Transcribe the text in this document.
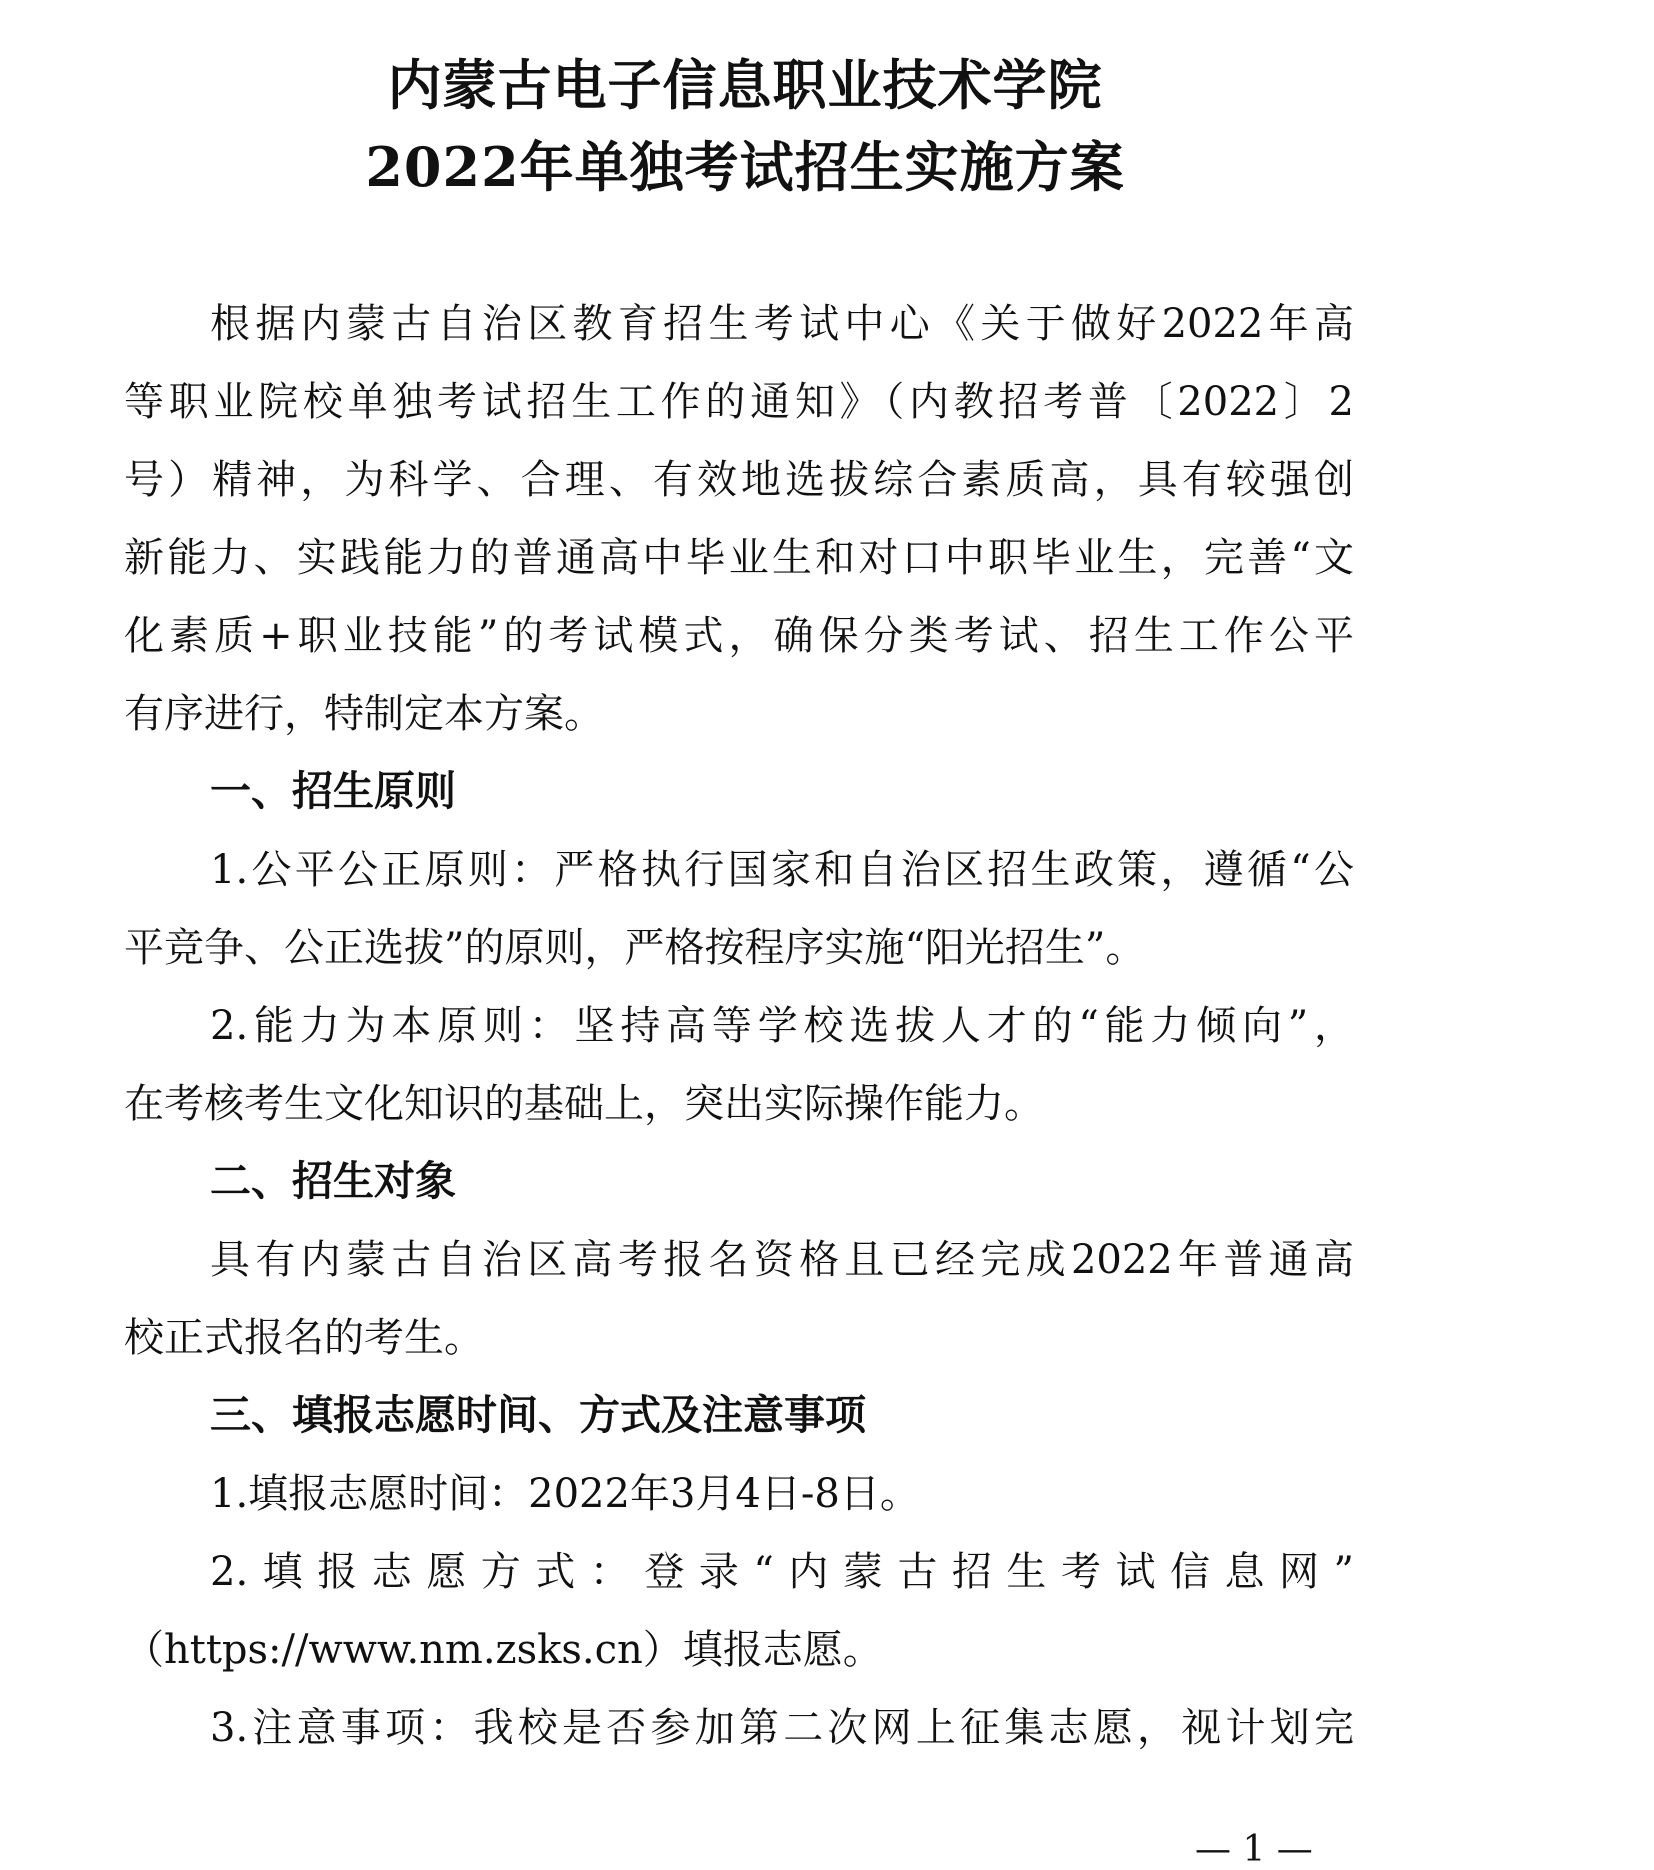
内蒙古电子信息职业技术学院
2022年单独考试招生实施方案

根据内蒙古自治区教育招生考试中心《关于做好2022年高

等职业院校单独考试招生工作的通知》（内教招考普〔2022〕2

号）精神，为科学、合理、有效地选拔综合素质高，具有较强创

新能力、实践能力的普通高中毕业生和对口中职毕业生，完善“文

化素质+职业技能”的考试模式，确保分类考试、招生工作公平

有序进行，特制定本方案。

一、招生原则

1.公平公正原则：严格执行国家和自治区招生政策，遵循“公

平竞争、公正选拔”的原则，严格按程序实施“阳光招生”。

2.能力为本原则：坚持高等学校选拔人才的“能力倾向”，

在考核考生文化知识的基础上，突出实际操作能力。

二、招生对象

具有内蒙古自治区高考报名资格且已经完成2022年普通高

校正式报名的考生。

三、填报志愿时间、方式及注意事项

1.填报志愿时间：2022年3月4日-8日。

2.填报志愿方式：登录“内蒙古招生考试信息网”

（https://www.nm.zsks.cn）填报志愿。

3.注意事项：我校是否参加第二次网上征集志愿，视计划完

— 1 —
